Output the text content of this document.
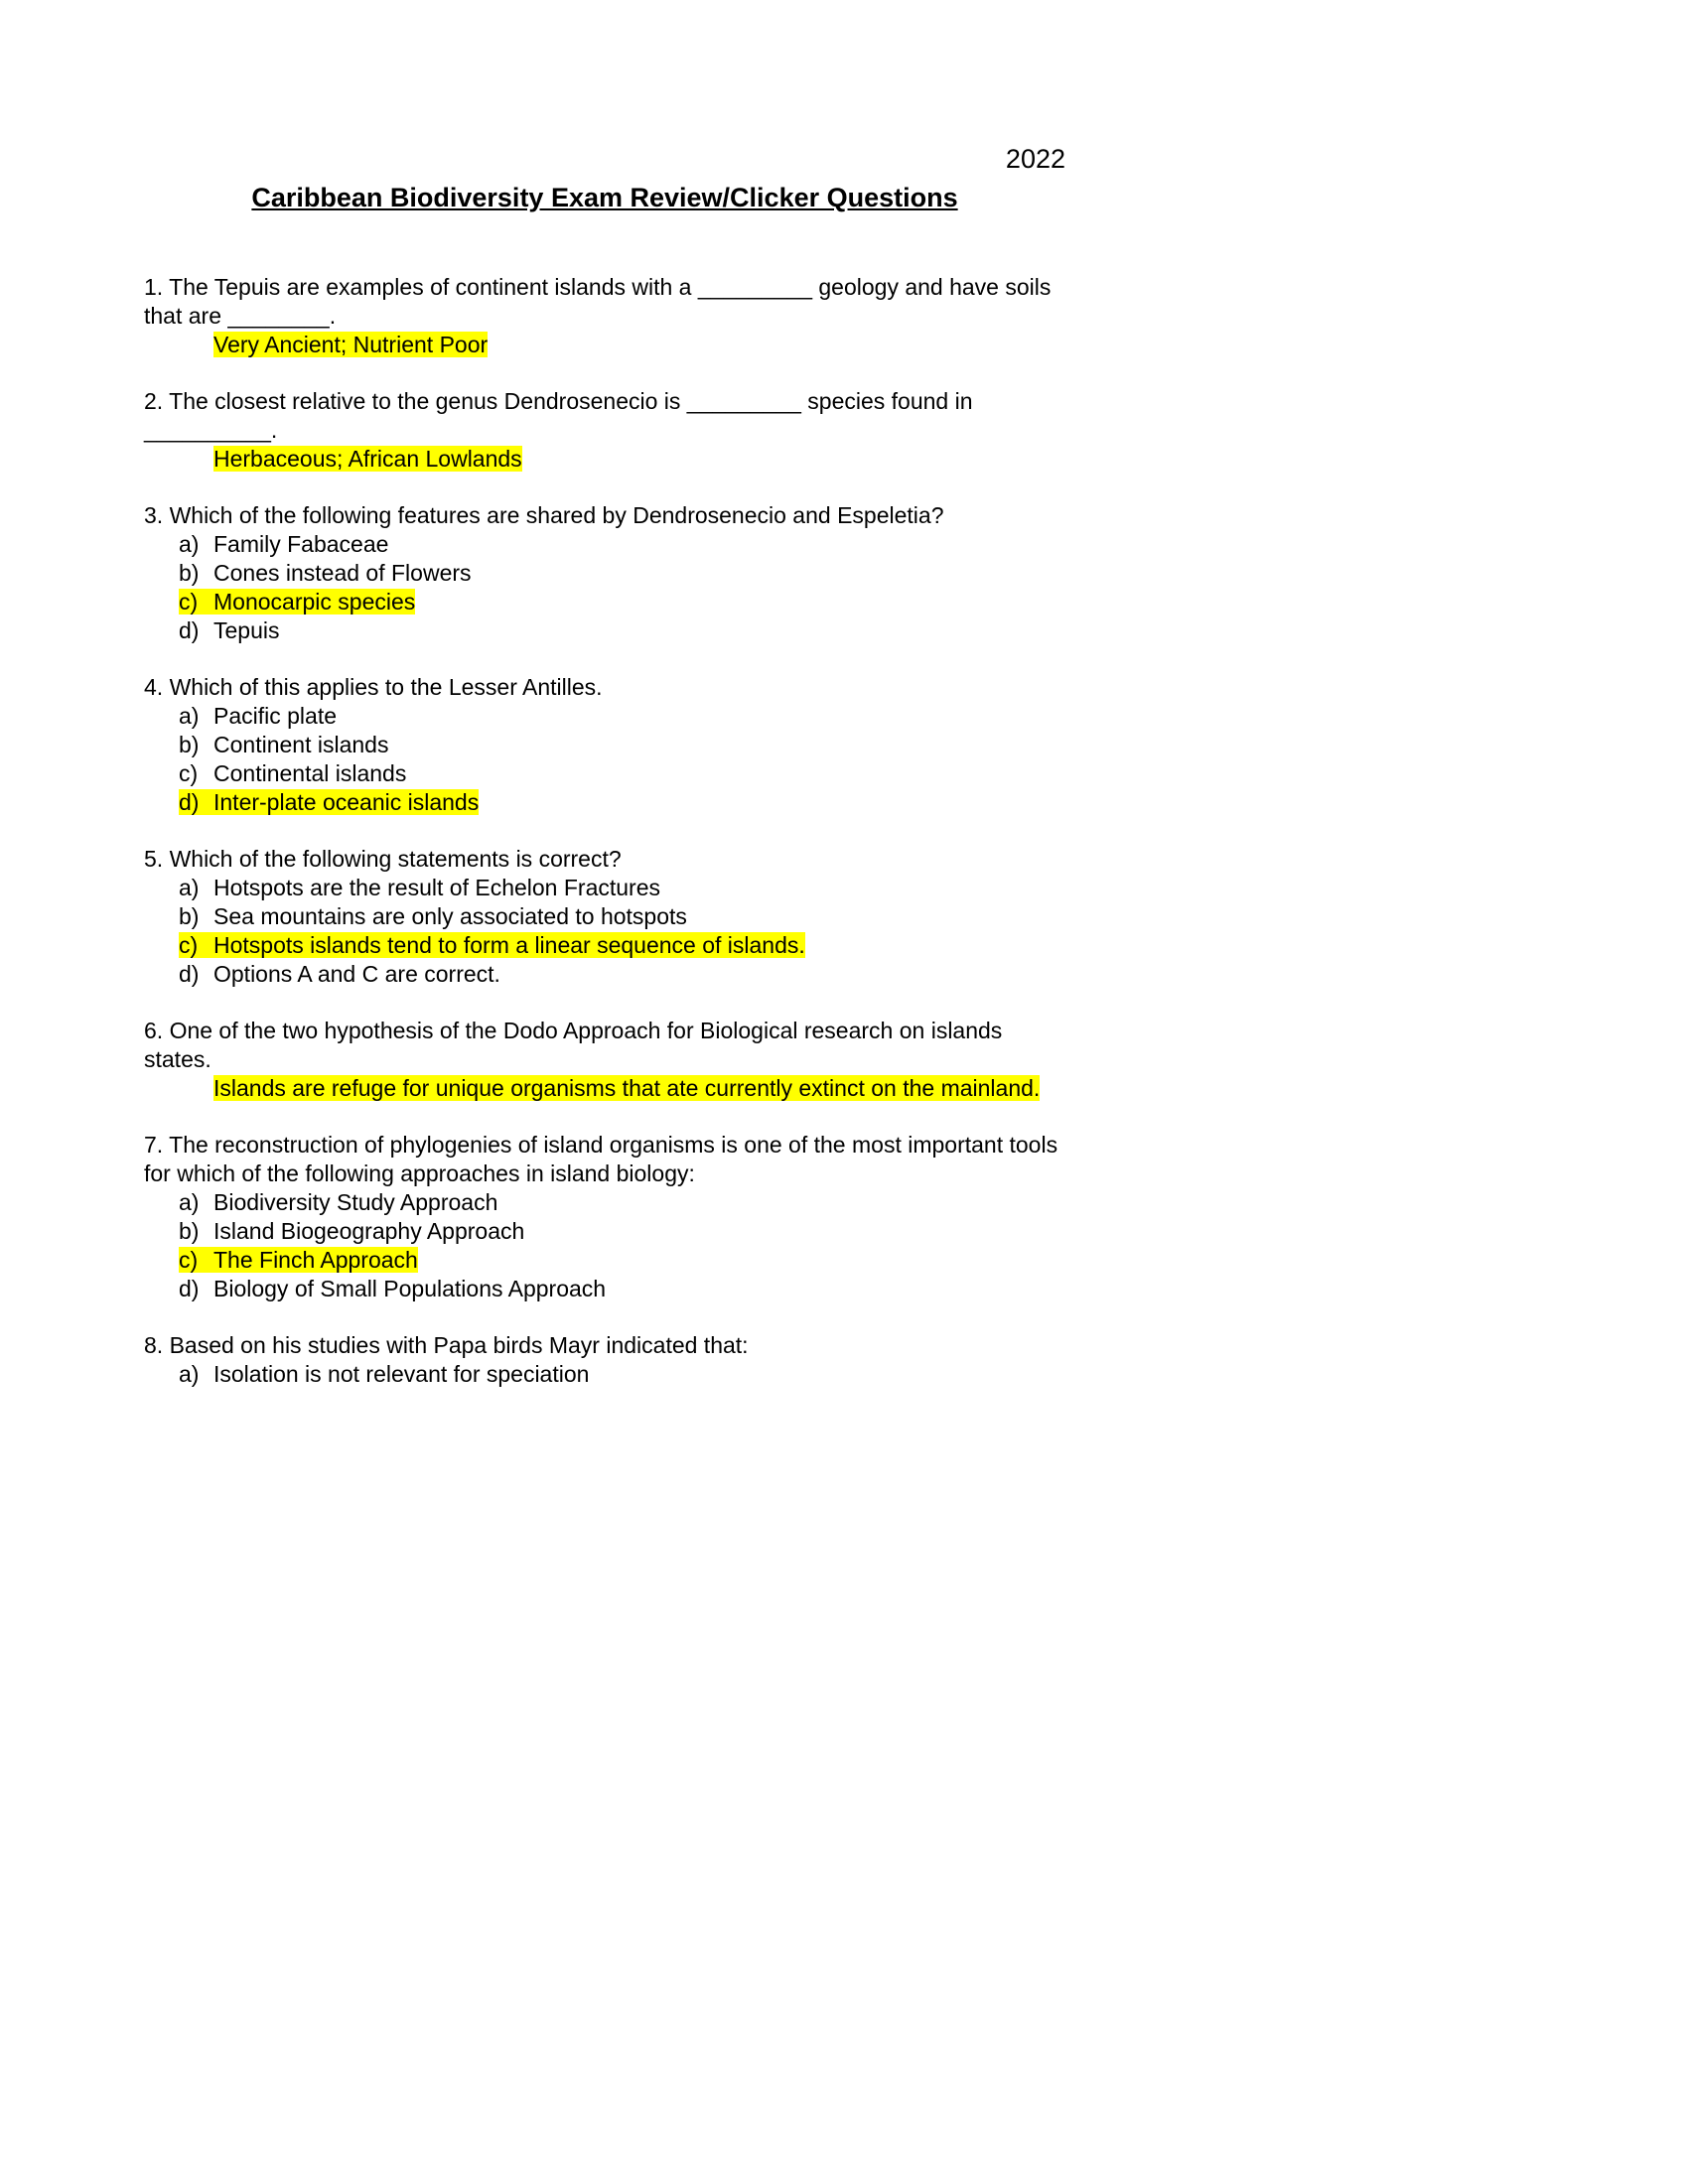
2022
Caribbean Biodiversity Exam Review/Clicker Questions
1. The Tepuis are examples of continent islands with a _________ geology and have soils that are ________.
Very Ancient; Nutrient Poor
2. The closest relative to the genus Dendrosenecio is _________ species found in __________.
Herbaceous; African Lowlands
3. Which of the following features are shared by Dendrosenecio and Espeletia?
a) Family Fabaceae
b) Cones instead of Flowers
c) Monocarpic species
d) Tepuis
4. Which of this applies to the Lesser Antilles.
a) Pacific plate
b) Continent islands
c) Continental islands
d) Inter-plate oceanic islands
5. Which of the following statements is correct?
a) Hotspots are the result of Echelon Fractures
b) Sea mountains are only associated to hotspots
c) Hotspots islands tend to form a linear sequence of islands.
d) Options A and C are correct.
6. One of the two hypothesis of the Dodo Approach for Biological research on islands states.
Islands are refuge for unique organisms that ate currently extinct on the mainland.
7. The reconstruction of phylogenies of island organisms is one of the most important tools for which of the following approaches in island biology:
a) Biodiversity Study Approach
b) Island Biogeography Approach
c) The Finch Approach
d) Biology of Small Populations Approach
8. Based on his studies with Papa birds Mayr indicated that:
a) Isolation is not relevant for speciation
